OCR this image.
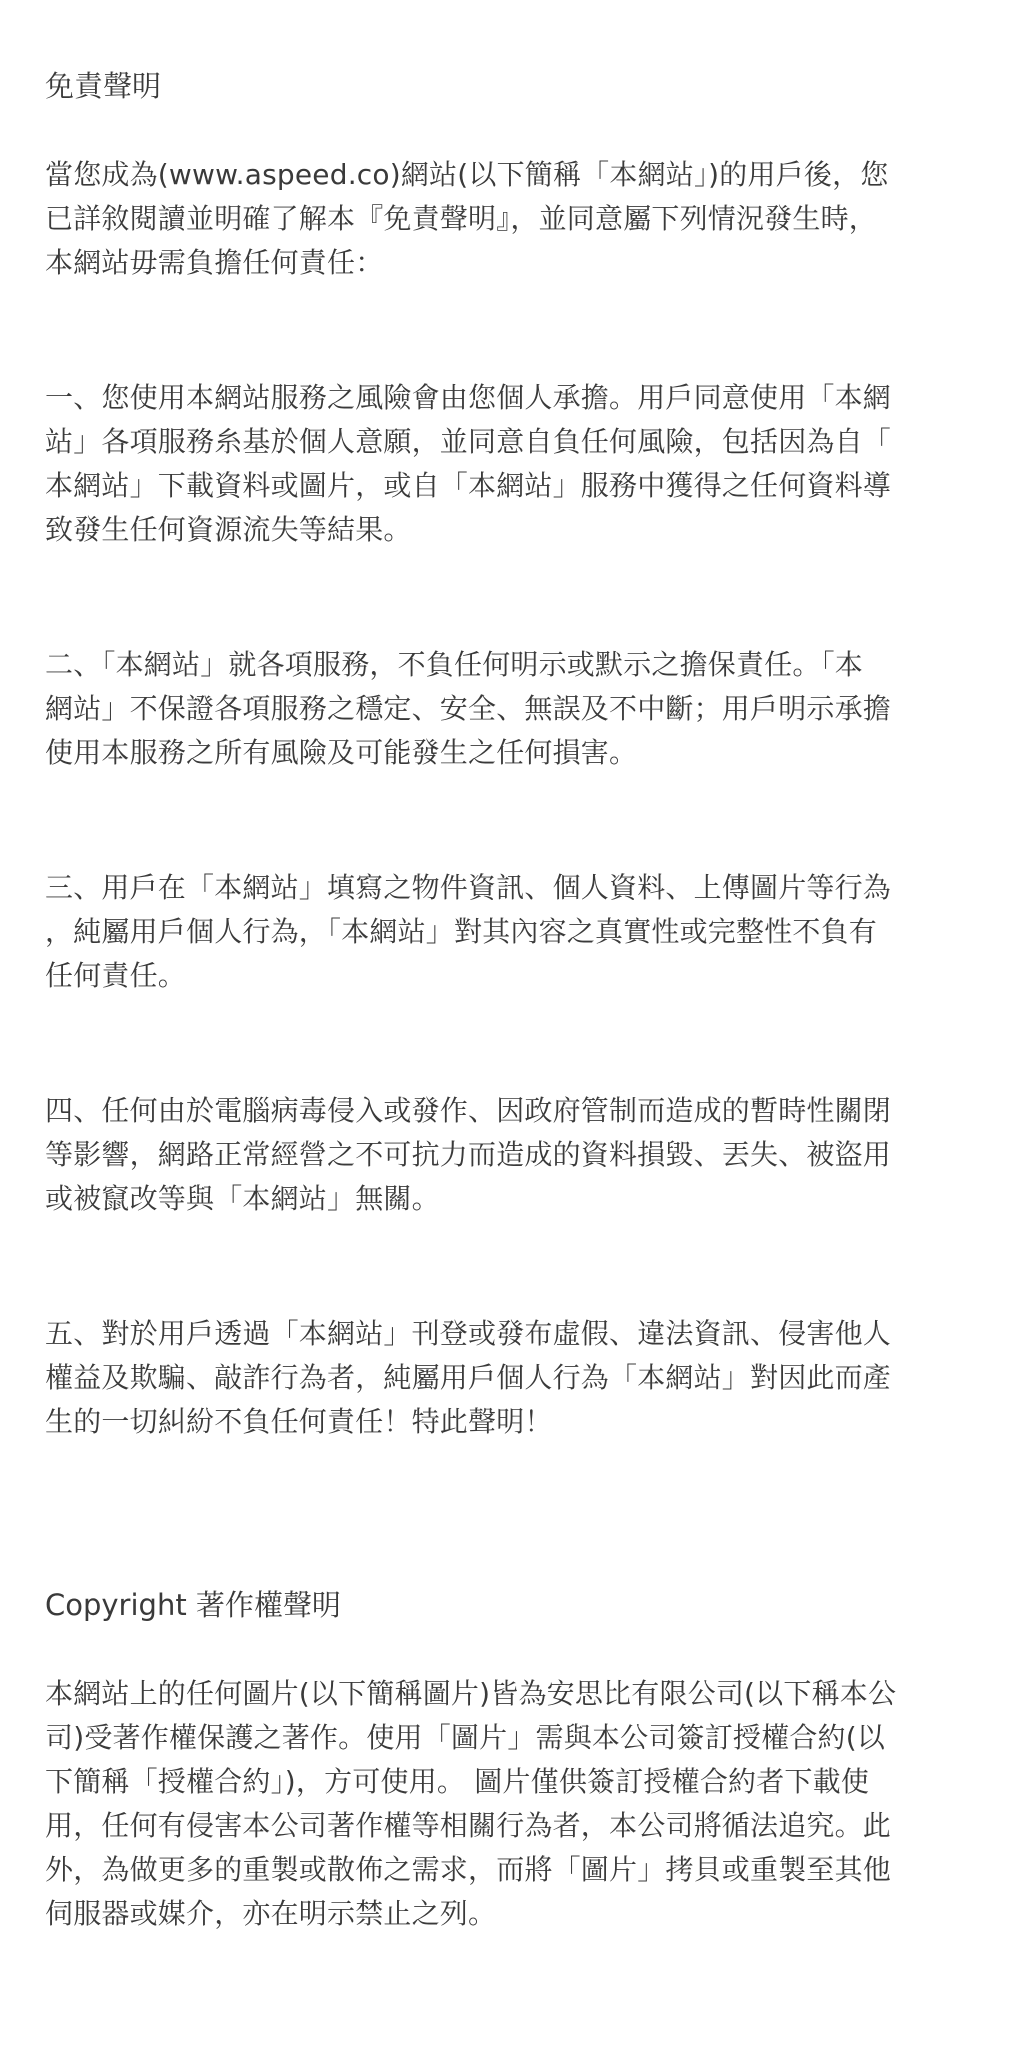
免責聲明

當您成為(www.aspeed.co)網站(以下簡稱「本網站」)的用戶後，您
已詳敘閱讀並明確了解本『免責聲明』，並同意屬下列情況發生時，
本網站毋需負擔任何責任：

一、您使用本網站服務之風險會由您個人承擔。用戶同意使用「本網
站」各項服務糸基於個人意願，並同意自負任何風險，包括因為自「
本網站」下載資料或圖片，或自「本網站」服務中獲得之任何資料導
致發生任何資源流失等結果。

二、「本網站」就各項服務，不負任何明示或默示之擔保責任。「本
網站」不保證各項服務之穩定、安全、無誤及不中斷；用戶明示承擔
使用本服務之所有風險及可能發生之任何損害。

三、用戶在「本網站」填寫之物件資訊、個人資料、上傳圖片等行為
，純屬用戶個人行為，「本網站」對其內容之真實性或完整性不負有
任何責任。

四、任何由於電腦病毒侵入或發作、因政府管制而造成的暫時性關閉
等影響，網路正常經營之不可抗力而造成的資料損毀、丟失、被盜用
或被竄改等與「本網站」無關。

五、對於用戶透過「本網站」刊登或發布虛假、違法資訊、侵害他人
權益及欺騙、敲詐行為者，純屬用戶個人行為「本網站」對因此而產
生的一切糾紛不負任何責任！特此聲明！

Copyright 著作權聲明

本網站上的任何圖片(以下簡稱圖片)皆為安思比有限公司(以下稱本公
司)受著作權保護之著作。使用「圖片」需與本公司簽訂授權合約(以
下簡稱「授權合約」)，方可使用。 圖片僅供簽訂授權合約者下載使
用，任何有侵害本公司著作權等相關行為者，本公司將循法追究。此
外，為做更多的重製或散佈之需求，而將「圖片」拷貝或重製至其他
伺服器或媒介，亦在明示禁止之列。
